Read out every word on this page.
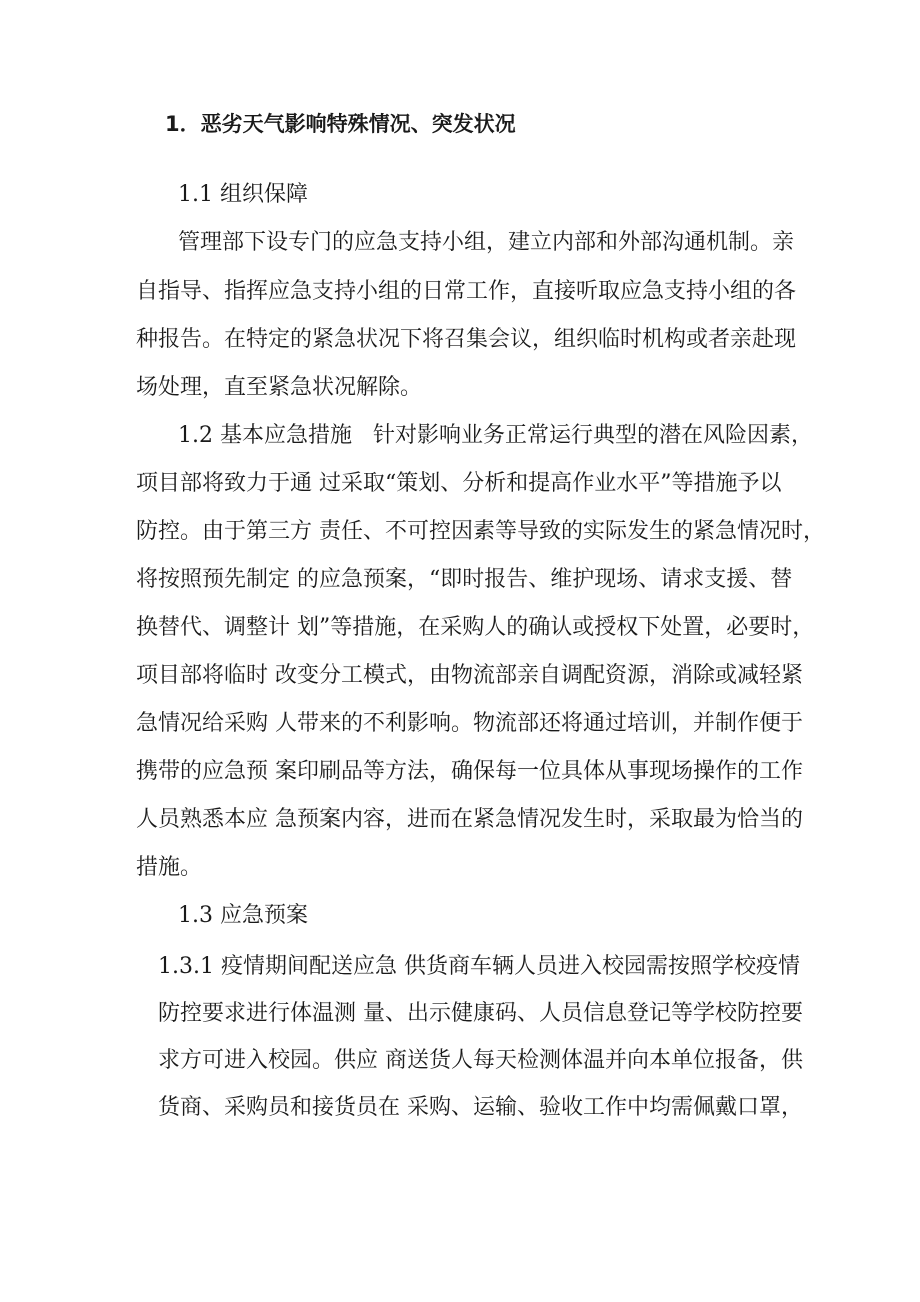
1．恶劣天气影响特殊情况、突发状况
1.1 组织保障
管理部下设专门的应急支持小组，建立内部和外部沟通机制。亲
自指导、指挥应急支持小组的日常工作，直接听取应急支持小组的各
种报告。在特定的紧急状况下将召集会议，组织临时机构或者亲赴现
场处理，直至紧急状况解除。
1.2 基本应急措施   针对影响业务正常运行典型的潜在风险因素，
项目部将致力于通 过采取“策划、分析和提高作业水平”等措施予以
防控。由于第三方 责任、不可控因素等导致的实际发生的紧急情况时，
将按照预先制定 的应急预案，“即时报告、维护现场、请求支援、替
换替代、调整计 划”等措施，在采购人的确认或授权下处置，必要时，
项目部将临时 改变分工模式，由物流部亲自调配资源，消除或减轻紧
急情况给采购 人带来的不利影响。物流部还将通过培训，并制作便于
携带的应急预 案印刷品等方法，确保每一位具体从事现场操作的工作
人员熟悉本应 急预案内容，进而在紧急情况发生时，采取最为恰当的
措施。
1.3 应急预案
1.3.1 疫情期间配送应急 供货商车辆人员进入校园需按照学校疫情
防控要求进行体温测 量、出示健康码、人员信息登记等学校防控要
求方可进入校园。供应 商送货人每天检测体温并向本单位报备，供
货商、采购员和接货员在 采购、运输、验收工作中均需佩戴口罩，
